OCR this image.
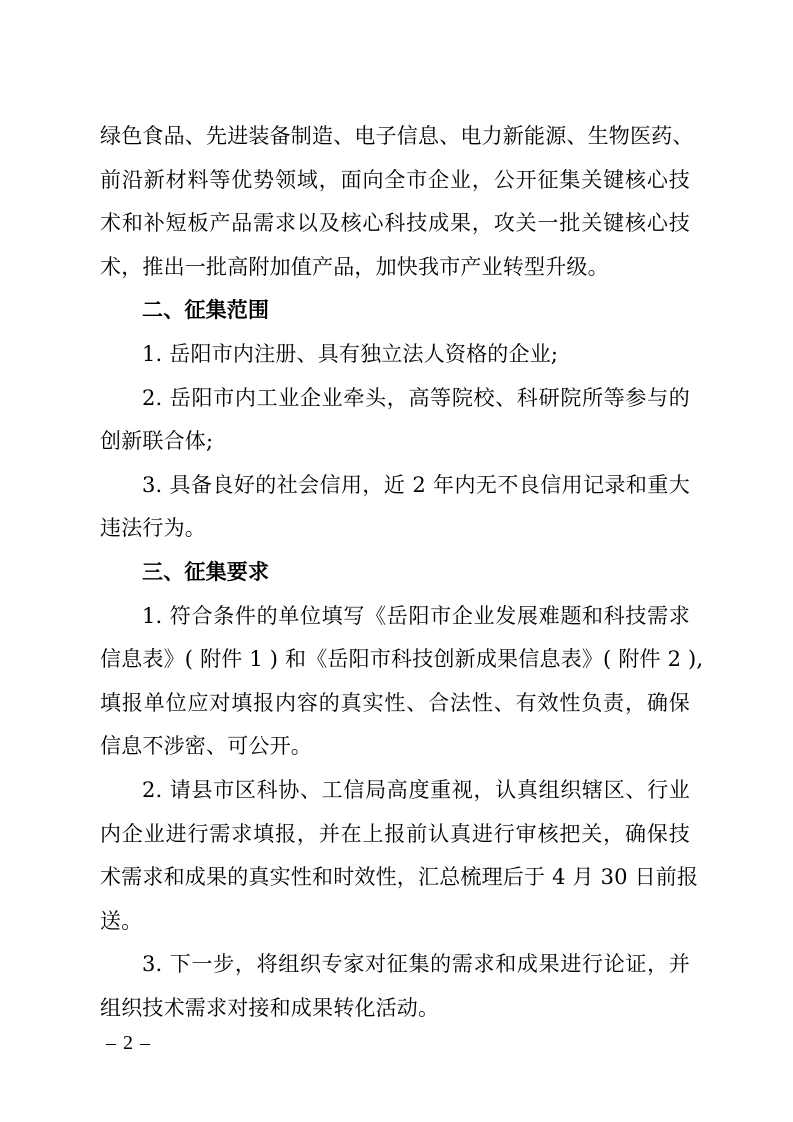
绿色食品、先进装备制造、电子信息、电力新能源、生物医药、
前沿新材料等优势领域，面向全市企业，公开征集关键核心技
术和补短板产品需求以及核心科技成果，攻关一批关键核心技
术，推出一批高附加值产品，加快我市产业转型升级。
二、征集范围
1. 岳阳市内注册、具有独立法人资格的企业;
2. 岳阳市内工业企业牵头，高等院校、科研院所等参与的
创新联合体;
3. 具备良好的社会信用，近 2 年内无不良信用记录和重大
违法行为。
三、征集要求
1. 符合条件的单位填写《岳阳市企业发展难题和科技需求
信息表》( 附件 1 ) 和《岳阳市科技创新成果信息表》( 附件 2 ),
填报单位应对填报内容的真实性、合法性、有效性负责，确保
信息不涉密、可公开。
2. 请县市区科协、工信局高度重视，认真组织辖区、行业
内企业进行需求填报，并在上报前认真进行审核把关，确保技
术需求和成果的真实性和时效性，汇总梳理后于 4 月 30 日前报
送。
3. 下一步，将组织专家对征集的需求和成果进行论证，并
组织技术需求对接和成果转化活动。
– 2 –
